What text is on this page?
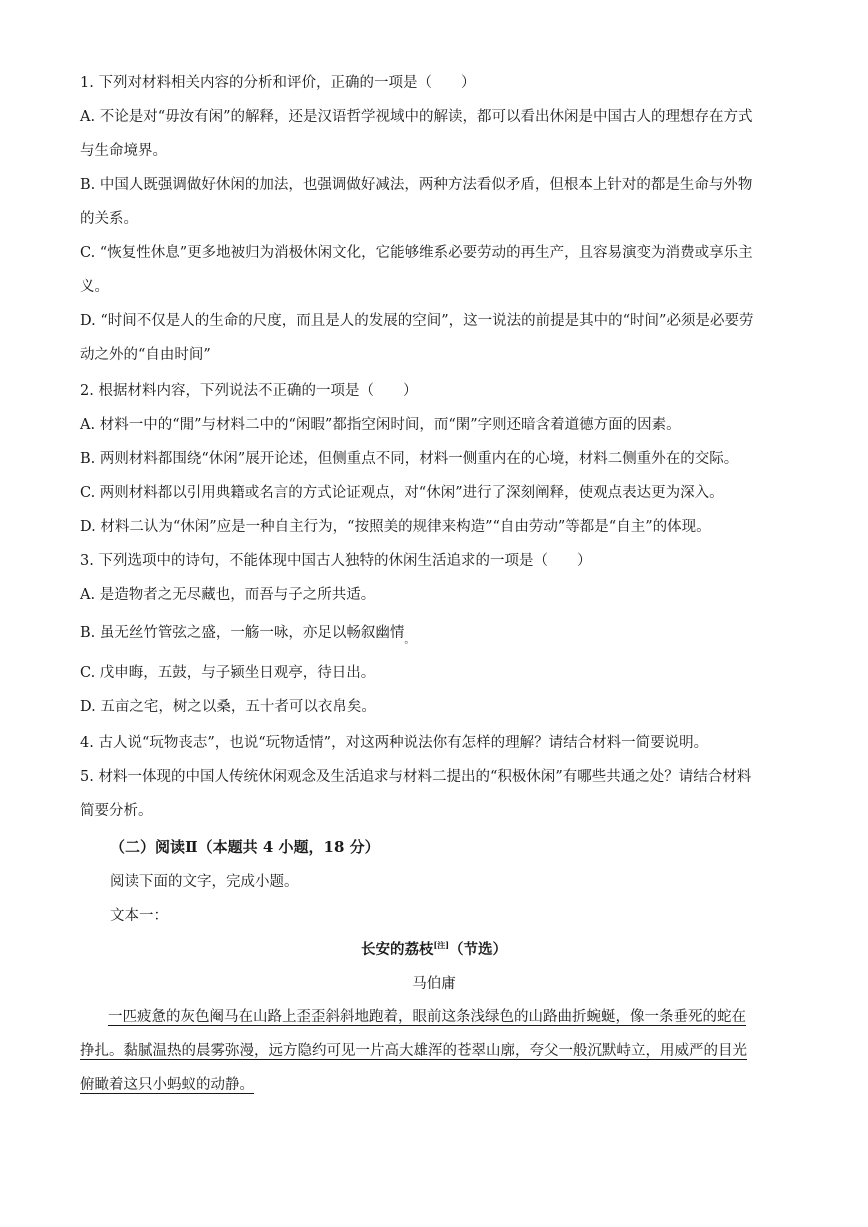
1. 下列对材料相关内容的分析和评价，正确的一项是（　　）
A. 不论是对“毋汝有闲”的解释，还是汉语哲学视域中的解读，都可以看出休闲是中国古人的理想存在方式
与生命境界。
B. 中国人既强调做好休闲的加法，也强调做好减法，两种方法看似矛盾，但根本上针对的都是生命与外物
的关系。
C. “恢复性休息”更多地被归为消极休闲文化，它能够维系必要劳动的再生产，且容易演变为消费或享乐主
义。
D. “时间不仅是人的生命的尺度，而且是人的发展的空间”，这一说法的前提是其中的“时间”必须是必要劳
动之外的“自由时间”
2. 根据材料内容，下列说法不正确的一项是（　　）
A. 材料一中的“閒”与材料二中的“闲暇”都指空闲时间，而“閑”字则还暗含着道德方面的因素。
B. 两则材料都围绕“休闲”展开论述，但侧重点不同，材料一侧重内在的心境，材料二侧重外在的交际。
C. 两则材料都以引用典籍或名言的方式论证观点，对“休闲”进行了深刻阐释，使观点表达更为深入。
D. 材料二认为“休闲”应是一种自主行为，“按照美的规律来构造”“自由劳动”等都是“自主”的体现。
3. 下列选项中的诗句，不能体现中国古人独特的休闲生活追求的一项是（　　）
A. 是造物者之无尽藏也，而吾与子之所共适。
B. 虽无丝竹管弦之盛，一觞一咏，亦足以畅叙幽情$_。$
C. 戊申晦，五鼓，与子颍坐日观亭，待日出。
D. 五亩之宅，树之以桑，五十者可以衣帛矣。
4. 古人说“玩物丧志”，也说“玩物适情”，对这两种说法你有怎样的理解？请结合材料一简要说明。
5. 材料一体现的中国人传统休闲观念及生活追求与材料二提出的“积极休闲”有哪些共通之处？请结合材料
简要分析。
（二）阅读Ⅱ（本题共 4 小题，18 分）
阅读下面的文字，完成小题。
文本一：
长安的荔枝[注]（节选）
马伯庸
一匹疲惫的灰色阉马在山路上歪歪斜斜地跑着，眼前这条浅绿色的山路曲折蜿蜒，像一条垂死的蛇在
挣扎。黏腻温热的晨雾弥漫，远方隐约可见一片高大雄浑的苍翠山廓，夸父一般沉默峙立，用威严的目光
俯瞰着这只小蚂蚁的动静。
